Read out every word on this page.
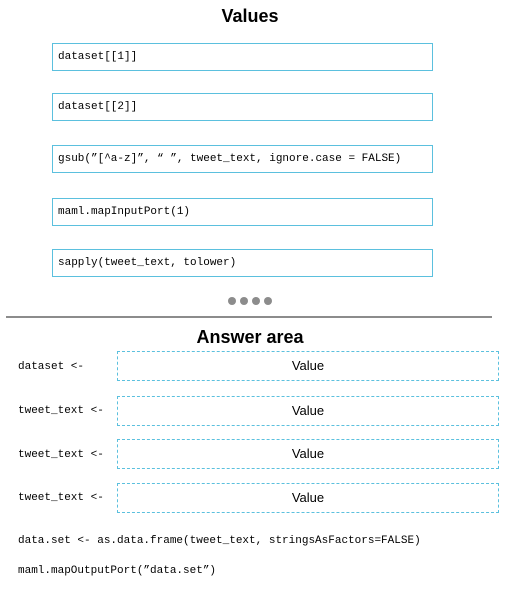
Values
dataset[[1]]
dataset[[2]]
gsub(”[^a-z]”, “ ”, tweet_text, ignore.case = FALSE)
maml.mapInputPort(1)
sapply(tweet_text, tolower)
Answer area
dataset <-	Value
tweet_text <-	Value
tweet_text <-	Value
tweet_text <-	Value
data.set <- as.data.frame(tweet_text, stringsAsFactors=FALSE)
maml.mapOutputPort(”data.set”)
